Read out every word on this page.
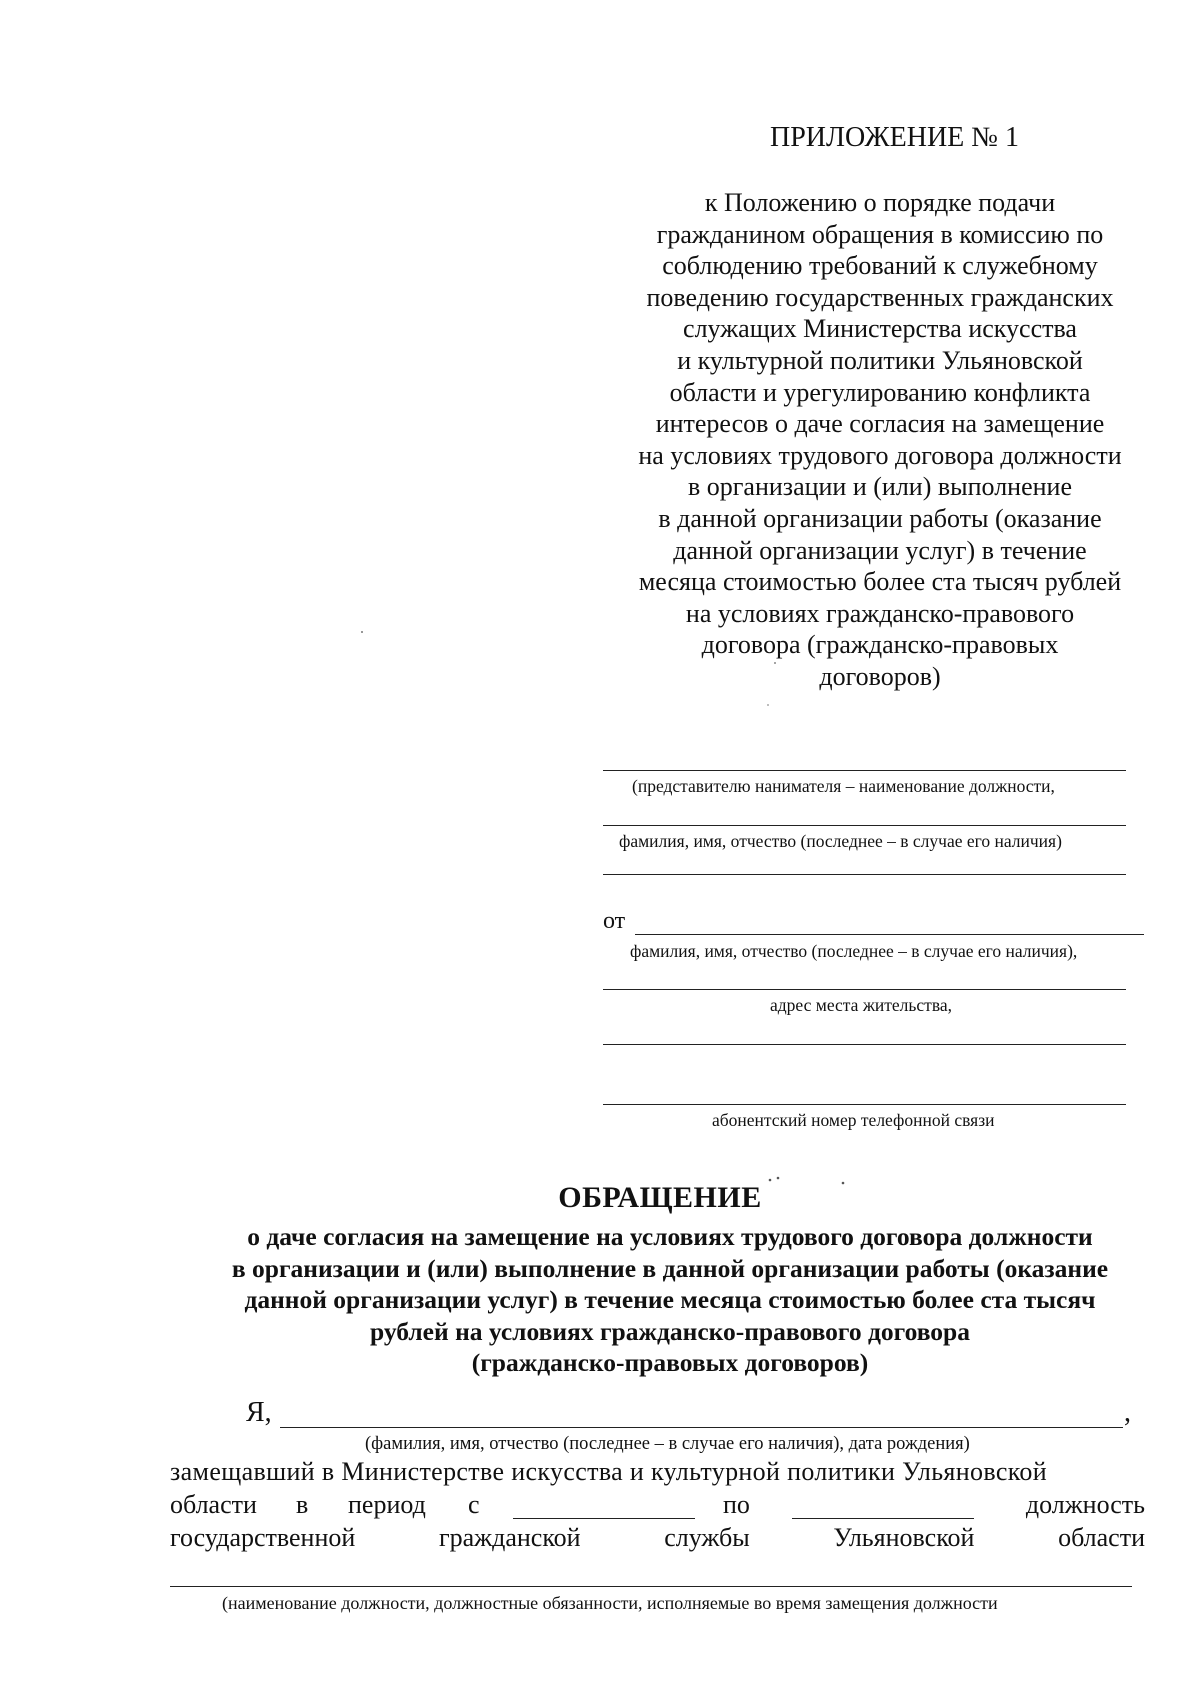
ПРИЛОЖЕНИЕ № 1
к Положению о порядке подачи
гражданином обращения в комиссию по
соблюдению требований к служебному
поведению государственных гражданских
служащих Министерства искусства
и культурной политики Ульяновской
области и урегулированию конфликта
интересов о даче согласия на замещение
на условиях трудового договора должности
в организации и (или) выполнение
в данной организации работы (оказание
данной организации услуг) в течение
месяца стоимостью более ста тысяч рублей
на условиях гражданско-правового
договора (гражданско-правовых
договоров)
(представителю нанимателя – наименование должности,
фамилия, имя, отчество (последнее – в случае его наличия)
от
фамилия, имя, отчество (последнее – в случае его наличия),
адрес места жительства,
абонентский номер телефонной связи
ОБРАЩЕНИЕ
о даче согласия на замещение на условиях трудового договора должности
в организации и (или) выполнение в данной организации работы (оказание
данной организации услуг) в течение месяца стоимостью более ста тысяч
рублей на условиях гражданско-правового договора
(гражданско-правовых договоров)
Я,	,
(фамилия, имя, отчество (последнее – в случае его наличия), дата рождения)
замещавший в Министерстве искусства и культурной политики Ульяновской
области в период с	по	должность
государственной	гражданской	службы	Ульяновской	области
(наименование должности, должностные обязанности, исполняемые во время замещения должности
